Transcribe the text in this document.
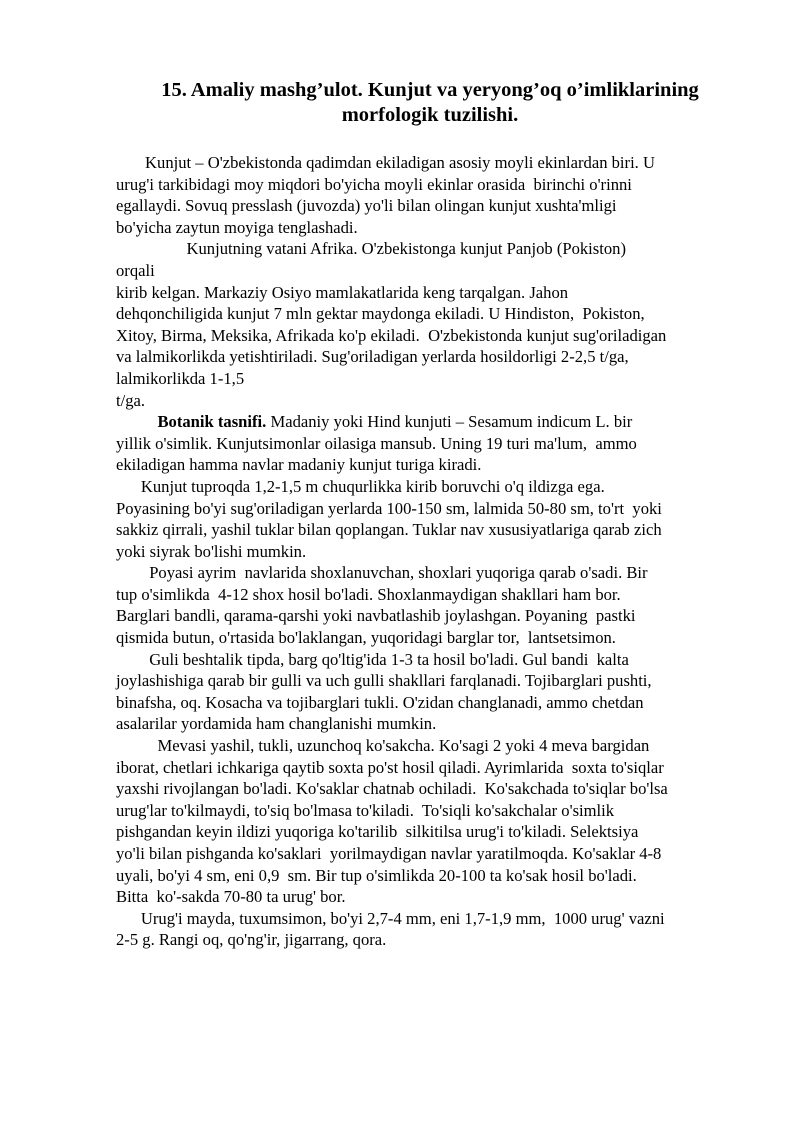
15. Amaliy mashg’ulot. Kunjut va yeryong’oq o’imliklarining
morfologik tuzilishi.
Kunjut – O'zbekistonda qadimdan ekiladigan asosiy moyli ekinlardan biri. U
urug'i tarkibidagi moy miqdori bo'yicha moyli ekinlar orasida  birinchi o'rinni
egallaydi. Sovuq presslash (juvozda) yo'li bilan olingan kunjut xushta'mligi
bo'yicha zaytun moyiga tenglashadi.
Kunjutning vatani Afrika. O'zbekistonga kunjut Panjob (Pokiston)
orqali
kirib kelgan. Markaziy Osiyo mamlakatlarida keng tarqalgan. Jahon
dehqonchiligida kunjut 7 mln gektar maydonga ekiladi. U Hindiston,  Pokiston,
Xitoy, Birma, Meksika, Afrikada ko'p ekiladi.  O'zbekistonda kunjut sug'oriladigan
va lalmikorlikda yetishtiriladi. Sug'oriladigan yerlarda hosildorligi 2-2,5 t/ga,
lalmikorlikda 1-1,5
t/ga.
Botanik tasnifi. Madaniy yoki Hind kunjuti – Sesamum indicum L. bir
yillik o'simlik. Kunjutsimonlar oilasiga mansub. Uning 19 turi ma'lum,  ammo
ekiladigan hamma navlar madaniy kunjut turiga kiradi.
Kunjut tuproqda 1,2-1,5 m chuqurlikka kirib boruvchi o'q ildizga ega.
Poyasining bo'yi sug'oriladigan yerlarda 100-150 sm, lalmida 50-80 sm, to'rt  yoki
sakkiz qirrali, yashil tuklar bilan qoplangan. Tuklar nav xususiyatlariga qarab zich
yoki siyrak bo'lishi mumkin.
Poyasi ayrim  navlarida shoxlanuvchan, shoxlari yuqoriga qarab o'sadi. Bir
tup o'simlikda  4-12 shox hosil bo'ladi. Shoxlanmaydigan shakllari ham bor.
Barglari bandli, qarama-qarshi yoki navbatlashib joylashgan. Poyaning  pastki
qismida butun, o'rtasida bo'laklangan, yuqoridagi barglar tor,  lantsetsimon.
Guli beshtalik tipda, barg qo'ltig'ida 1-3 ta hosil bo'ladi. Gul bandi  kalta
joylashishiga qarab bir gulli va uch gulli shakllari farqlanadi. Tojibarglari pushti,
binafsha, oq. Kosacha va tojibarglari tukli. O'zidan changlanadi, ammo chetdan
asalarilar yordamida ham changlanishi mumkin.
Mevasi yashil, tukli, uzunchoq ko'sakcha. Ko'sagi 2 yoki 4 meva bargidan
iborat, chetlari ichkariga qaytib soxta po'st hosil qiladi. Ayrimlarida  soxta to'siqlar
yaxshi rivojlangan bo'ladi. Ko'saklar chatnab ochiladi.  Ko'sakchada to'siqlar bo'lsa
urug'lar to'kilmaydi, to'siq bo'lmasa to'kiladi.  To'siqli ko'sakchalar o'simlik
pishgandan keyin ildizi yuqoriga ko'tarilib  silkitilsa urug'i to'kiladi. Selektsiya
yo'li bilan pishganda ko'saklari  yorilmaydigan navlar yaratilmoqda. Ko'saklar 4-8
uyali, bo'yi 4 sm, eni 0,9  sm. Bir tup o'simlikda 20-100 ta ko'sak hosil bo'ladi.
Bitta  ko'-sakda 70-80 ta urug' bor.
Urug'i mayda, tuxumsimon, bo'yi 2,7-4 mm, eni 1,7-1,9 mm,  1000 urug' vazni
2-5 g. Rangi oq, qo'ng'ir, jigarrang, qora.
